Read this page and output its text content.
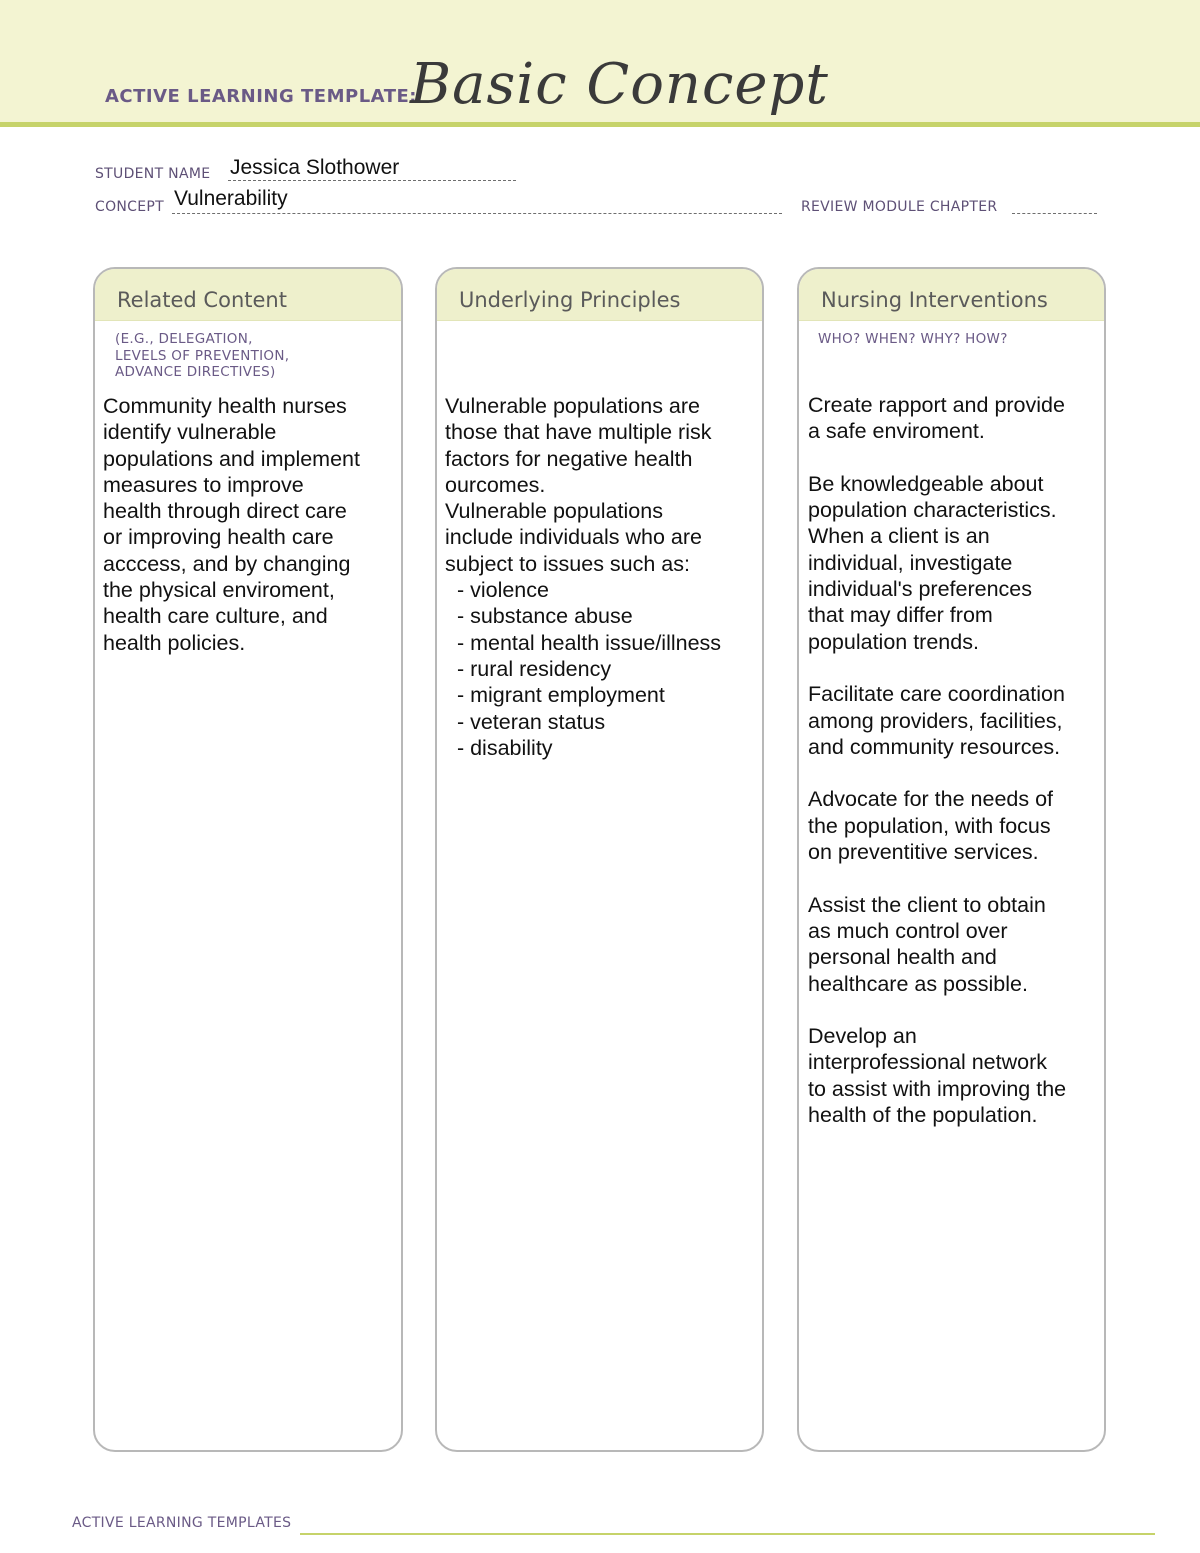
ACTIVE LEARNING TEMPLATE:
Basic Concept
STUDENT NAME Jessica Slothower
CONCEPT Vulnerability	REVIEW MODULE CHAPTER
Related Content
(E.G., DELEGATION,
LEVELS OF PREVENTION,
ADVANCE DIRECTIVES)
Community health nurses
identify vulnerable
populations and implement
measures to improve
health through direct care
or improving health care
acccess, and by changing
the physical enviroment,
health care culture, and
health policies.
Underlying Principles
Vulnerable populations are
those that have multiple risk
factors for negative health
ourcomes.
Vulnerable populations
include individuals who are
subject to issues such as:
- violence
- substance abuse
- mental health issue/illness
- rural residency
- migrant employment
- veteran status
- disability
Nursing Interventions
WHO? WHEN? WHY? HOW?
Create rapport and provide
a safe enviroment.

Be knowledgeable about
population characteristics.
When a client is an
individual, investigate
individual's preferences
that may differ from
population trends.

Facilitate care coordination
among providers, facilities,
and community resources.

Advocate for the needs of
the population, with focus
on preventitive services.

Assist the client to obtain
as much control over
personal health and
healthcare as possible.

Develop an
interprofessional network
to assist with improving the
health of the population.
ACTIVE LEARNING TEMPLATES
